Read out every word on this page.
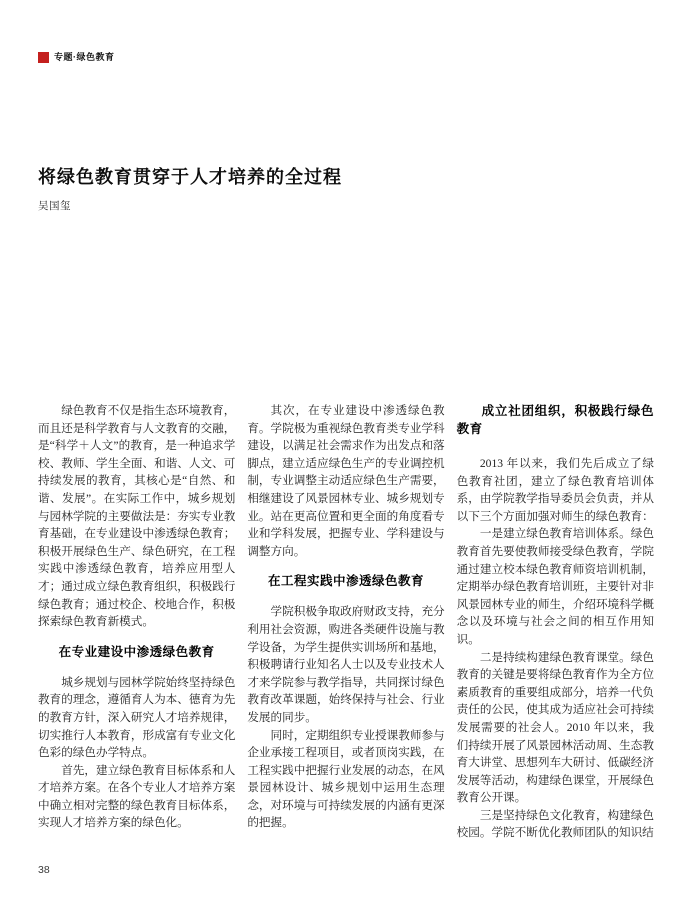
专题·绿色教育
将绿色教育贯穿于人才培养的全过程
吴国玺

绿色教育不仅是指生态环境教育，而且还是科学教育与人文教育的交融，是“科学＋人文”的教育，是一种追求学校、教师、学生全面、和谐、人文、可持续发展的教育，其核心是“自然、和谐、发展”。在实际工作中，城乡规划与园林学院的主要做法是：夯实专业教育基础，在专业建设中渗透绿色教育；积极开展绿色生产、绿色研究，在工程实践中渗透绿色教育，培养应用型人才；通过成立绿色教育组织，积极践行绿色教育；通过校企、校地合作，积极探索绿色教育新模式。

在专业建设中渗透绿色教育

城乡规划与园林学院始终坚持绿色教育的理念，遵循育人为本、德育为先的教育方针，深入研究人才培养规律，切实推行人本教育，形成富有专业文化色彩的绿色办学特点。

首先，建立绿色教育目标体系和人才培养方案。在各个专业人才培养方案中确立相对完整的绿色教育目标体系，实现人才培养方案的绿色化。

其次，在专业建设中渗透绿色教育。学院极为重视绿色教育类专业学科建设，以满足社会需求作为出发点和落脚点，建立适应绿色生产的专业调控机制，专业调整主动适应绿色生产需要，相继建设了风景园林专业、城乡规划专业。站在更高位置和更全面的角度看专业和学科发展，把握专业、学科建设与调整方向。

在工程实践中渗透绿色教育

学院积极争取政府财政支持，充分利用社会资源，购进各类硬件设施与教学设备，为学生提供实训场所和基地，积极聘请行业知名人士以及专业技术人才来学院参与教学指导，共同探讨绿色教育改革课题，始终保持与社会、行业发展的同步。

同时，定期组织专业授课教师参与企业承接工程项目，或者顶岗实践，在工程实践中把握行业发展的动态，在风景园林设计、城乡规划中运用生态理念，对环境与可持续发展的内涵有更深的把握。

成立社团组织，积极践行绿色教育

2013 年以来，我们先后成立了绿色教育社团，建立了绿色教育培训体系，由学院教学指导委员会负责，并从以下三个方面加强对师生的绿色教育：

一是建立绿色教育培训体系。绿色教育首先要使教师接受绿色教育，学院通过建立校本绿色教育师资培训机制，定期举办绿色教育培训班，主要针对非风景园林专业的师生，介绍环境科学概念以及环境与社会之间的相互作用知识。

二是持续构建绿色教育课堂。绿色教育的关键是要将绿色教育作为全方位素质教育的重要组成部分，培养一代负责任的公民，使其成为适应社会可持续发展需要的社会人。2010 年以来，我们持续开展了风景园林活动周、生态教育大讲堂、思想列车大研讨、低碳经济发展等活动，构建绿色课堂，开展绿色教育公开课。

三是坚持绿色文化教育，构建绿色校园。学院不断优化教师团队的知识结

38
